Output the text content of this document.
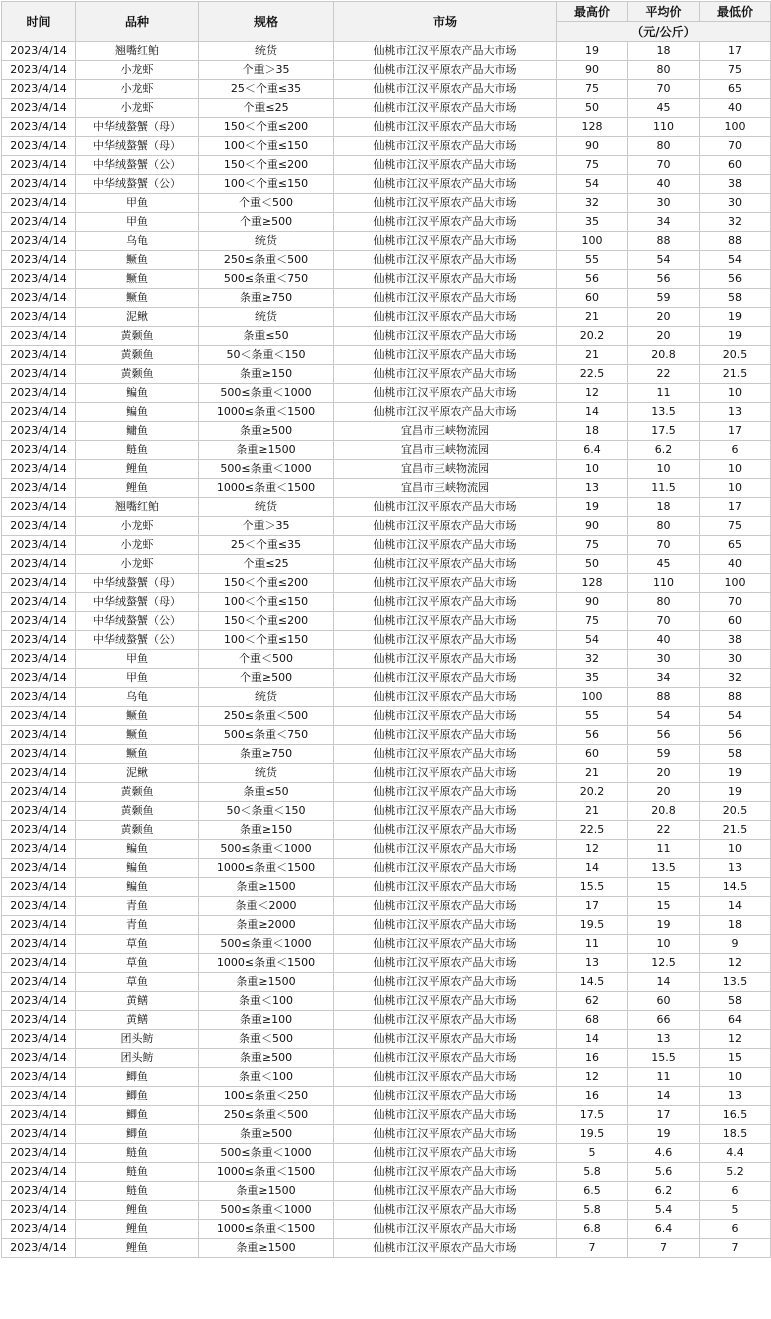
时间	品种	规格	市场	最高价	平均价	最低价
				（元/公斤）		
2023/4/14	翘嘴红鲌	统货	仙桃市江汉平原农产品大市场	19	18	17
2023/4/14	小龙虾	个重＞35	仙桃市江汉平原农产品大市场	90	80	75
2023/4/14	小龙虾	25＜个重≤35	仙桃市江汉平原农产品大市场	75	70	65
2023/4/14	小龙虾	个重≤25	仙桃市江汉平原农产品大市场	50	45	40
2023/4/14	中华绒螯蟹（母）	150＜个重≤200	仙桃市江汉平原农产品大市场	128	110	100
2023/4/14	中华绒螯蟹（母）	100＜个重≤150	仙桃市江汉平原农产品大市场	90	80	70
2023/4/14	中华绒螯蟹（公）	150＜个重≤200	仙桃市江汉平原农产品大市场	75	70	60
2023/4/14	中华绒螯蟹（公）	100＜个重≤150	仙桃市江汉平原农产品大市场	54	40	38
2023/4/14	甲鱼	个重＜500	仙桃市江汉平原农产品大市场	32	30	30
2023/4/14	甲鱼	个重≥500	仙桃市江汉平原农产品大市场	35	34	32
2023/4/14	乌龟	统货	仙桃市江汉平原农产品大市场	100	88	88
2023/4/14	鳜鱼	250≤条重＜500	仙桃市江汉平原农产品大市场	55	54	54
2023/4/14	鳜鱼	500≤条重＜750	仙桃市江汉平原农产品大市场	56	56	56
2023/4/14	鳜鱼	条重≥750	仙桃市江汉平原农产品大市场	60	59	58
2023/4/14	泥鳅	统货	仙桃市江汉平原农产品大市场	21	20	19
2023/4/14	黄颡鱼	条重≤50	仙桃市江汉平原农产品大市场	20.2	20	19
2023/4/14	黄颡鱼	50＜条重＜150	仙桃市江汉平原农产品大市场	21	20.8	20.5
2023/4/14	黄颡鱼	条重≥150	仙桃市江汉平原农产品大市场	22.5	22	21.5
2023/4/14	鳊鱼	500≤条重＜1000	仙桃市江汉平原农产品大市场	12	11	10
2023/4/14	鳊鱼	1000≤条重＜1500	仙桃市江汉平原农产品大市场	14	13.5	13
2023/4/14	鳙鱼	条重≥500	宜昌市三峡物流园	18	17.5	17
2023/4/14	鲢鱼	条重≥1500	宜昌市三峡物流园	6.4	6.2	6
2023/4/14	鲤鱼	500≤条重＜1000	宜昌市三峡物流园	10	10	10
2023/4/14	鲤鱼	1000≤条重＜1500	宜昌市三峡物流园	13	11.5	10
2023/4/14	翘嘴红鲌	统货	仙桃市江汉平原农产品大市场	19	18	17
2023/4/14	小龙虾	个重＞35	仙桃市江汉平原农产品大市场	90	80	75
2023/4/14	小龙虾	25＜个重≤35	仙桃市江汉平原农产品大市场	75	70	65
2023/4/14	小龙虾	个重≤25	仙桃市江汉平原农产品大市场	50	45	40
2023/4/14	中华绒螯蟹（母）	150＜个重≤200	仙桃市江汉平原农产品大市场	128	110	100
2023/4/14	中华绒螯蟹（母）	100＜个重≤150	仙桃市江汉平原农产品大市场	90	80	70
2023/4/14	中华绒螯蟹（公）	150＜个重≤200	仙桃市江汉平原农产品大市场	75	70	60
2023/4/14	中华绒螯蟹（公）	100＜个重≤150	仙桃市江汉平原农产品大市场	54	40	38
2023/4/14	甲鱼	个重＜500	仙桃市江汉平原农产品大市场	32	30	30
2023/4/14	甲鱼	个重≥500	仙桃市江汉平原农产品大市场	35	34	32
2023/4/14	乌龟	统货	仙桃市江汉平原农产品大市场	100	88	88
2023/4/14	鳜鱼	250≤条重＜500	仙桃市江汉平原农产品大市场	55	54	54
2023/4/14	鳜鱼	500≤条重＜750	仙桃市江汉平原农产品大市场	56	56	56
2023/4/14	鳜鱼	条重≥750	仙桃市江汉平原农产品大市场	60	59	58
2023/4/14	泥鳅	统货	仙桃市江汉平原农产品大市场	21	20	19
2023/4/14	黄颡鱼	条重≤50	仙桃市江汉平原农产品大市场	20.2	20	19
2023/4/14	黄颡鱼	50＜条重＜150	仙桃市江汉平原农产品大市场	21	20.8	20.5
2023/4/14	黄颡鱼	条重≥150	仙桃市江汉平原农产品大市场	22.5	22	21.5
2023/4/14	鳊鱼	500≤条重＜1000	仙桃市江汉平原农产品大市场	12	11	10
2023/4/14	鳊鱼	1000≤条重＜1500	仙桃市江汉平原农产品大市场	14	13.5	13
2023/4/14	鳊鱼	条重≥1500	仙桃市江汉平原农产品大市场	15.5	15	14.5
2023/4/14	青鱼	条重＜2000	仙桃市江汉平原农产品大市场	17	15	14
2023/4/14	青鱼	条重≥2000	仙桃市江汉平原农产品大市场	19.5	19	18
2023/4/14	草鱼	500≤条重＜1000	仙桃市江汉平原农产品大市场	11	10	9
2023/4/14	草鱼	1000≤条重＜1500	仙桃市江汉平原农产品大市场	13	12.5	12
2023/4/14	草鱼	条重≥1500	仙桃市江汉平原农产品大市场	14.5	14	13.5
2023/4/14	黄鳝	条重＜100	仙桃市江汉平原农产品大市场	62	60	58
2023/4/14	黄鳝	条重≥100	仙桃市江汉平原农产品大市场	68	66	64
2023/4/14	团头鲂	条重＜500	仙桃市江汉平原农产品大市场	14	13	12
2023/4/14	团头鲂	条重≥500	仙桃市江汉平原农产品大市场	16	15.5	15
2023/4/14	鲫鱼	条重＜100	仙桃市江汉平原农产品大市场	12	11	10
2023/4/14	鲫鱼	100≤条重＜250	仙桃市江汉平原农产品大市场	16	14	13
2023/4/14	鲫鱼	250≤条重＜500	仙桃市江汉平原农产品大市场	17.5	17	16.5
2023/4/14	鲫鱼	条重≥500	仙桃市江汉平原农产品大市场	19.5	19	18.5
2023/4/14	鲢鱼	500≤条重＜1000	仙桃市江汉平原农产品大市场	5	4.6	4.4
2023/4/14	鲢鱼	1000≤条重＜1500	仙桃市江汉平原农产品大市场	5.8	5.6	5.2
2023/4/14	鲢鱼	条重≥1500	仙桃市江汉平原农产品大市场	6.5	6.2	6
2023/4/14	鲤鱼	500≤条重＜1000	仙桃市江汉平原农产品大市场	5.8	5.4	5
2023/4/14	鲤鱼	1000≤条重＜1500	仙桃市江汉平原农产品大市场	6.8	6.4	6
2023/4/14	鲤鱼	条重≥1500	仙桃市江汉平原农产品大市场	7	7	7
